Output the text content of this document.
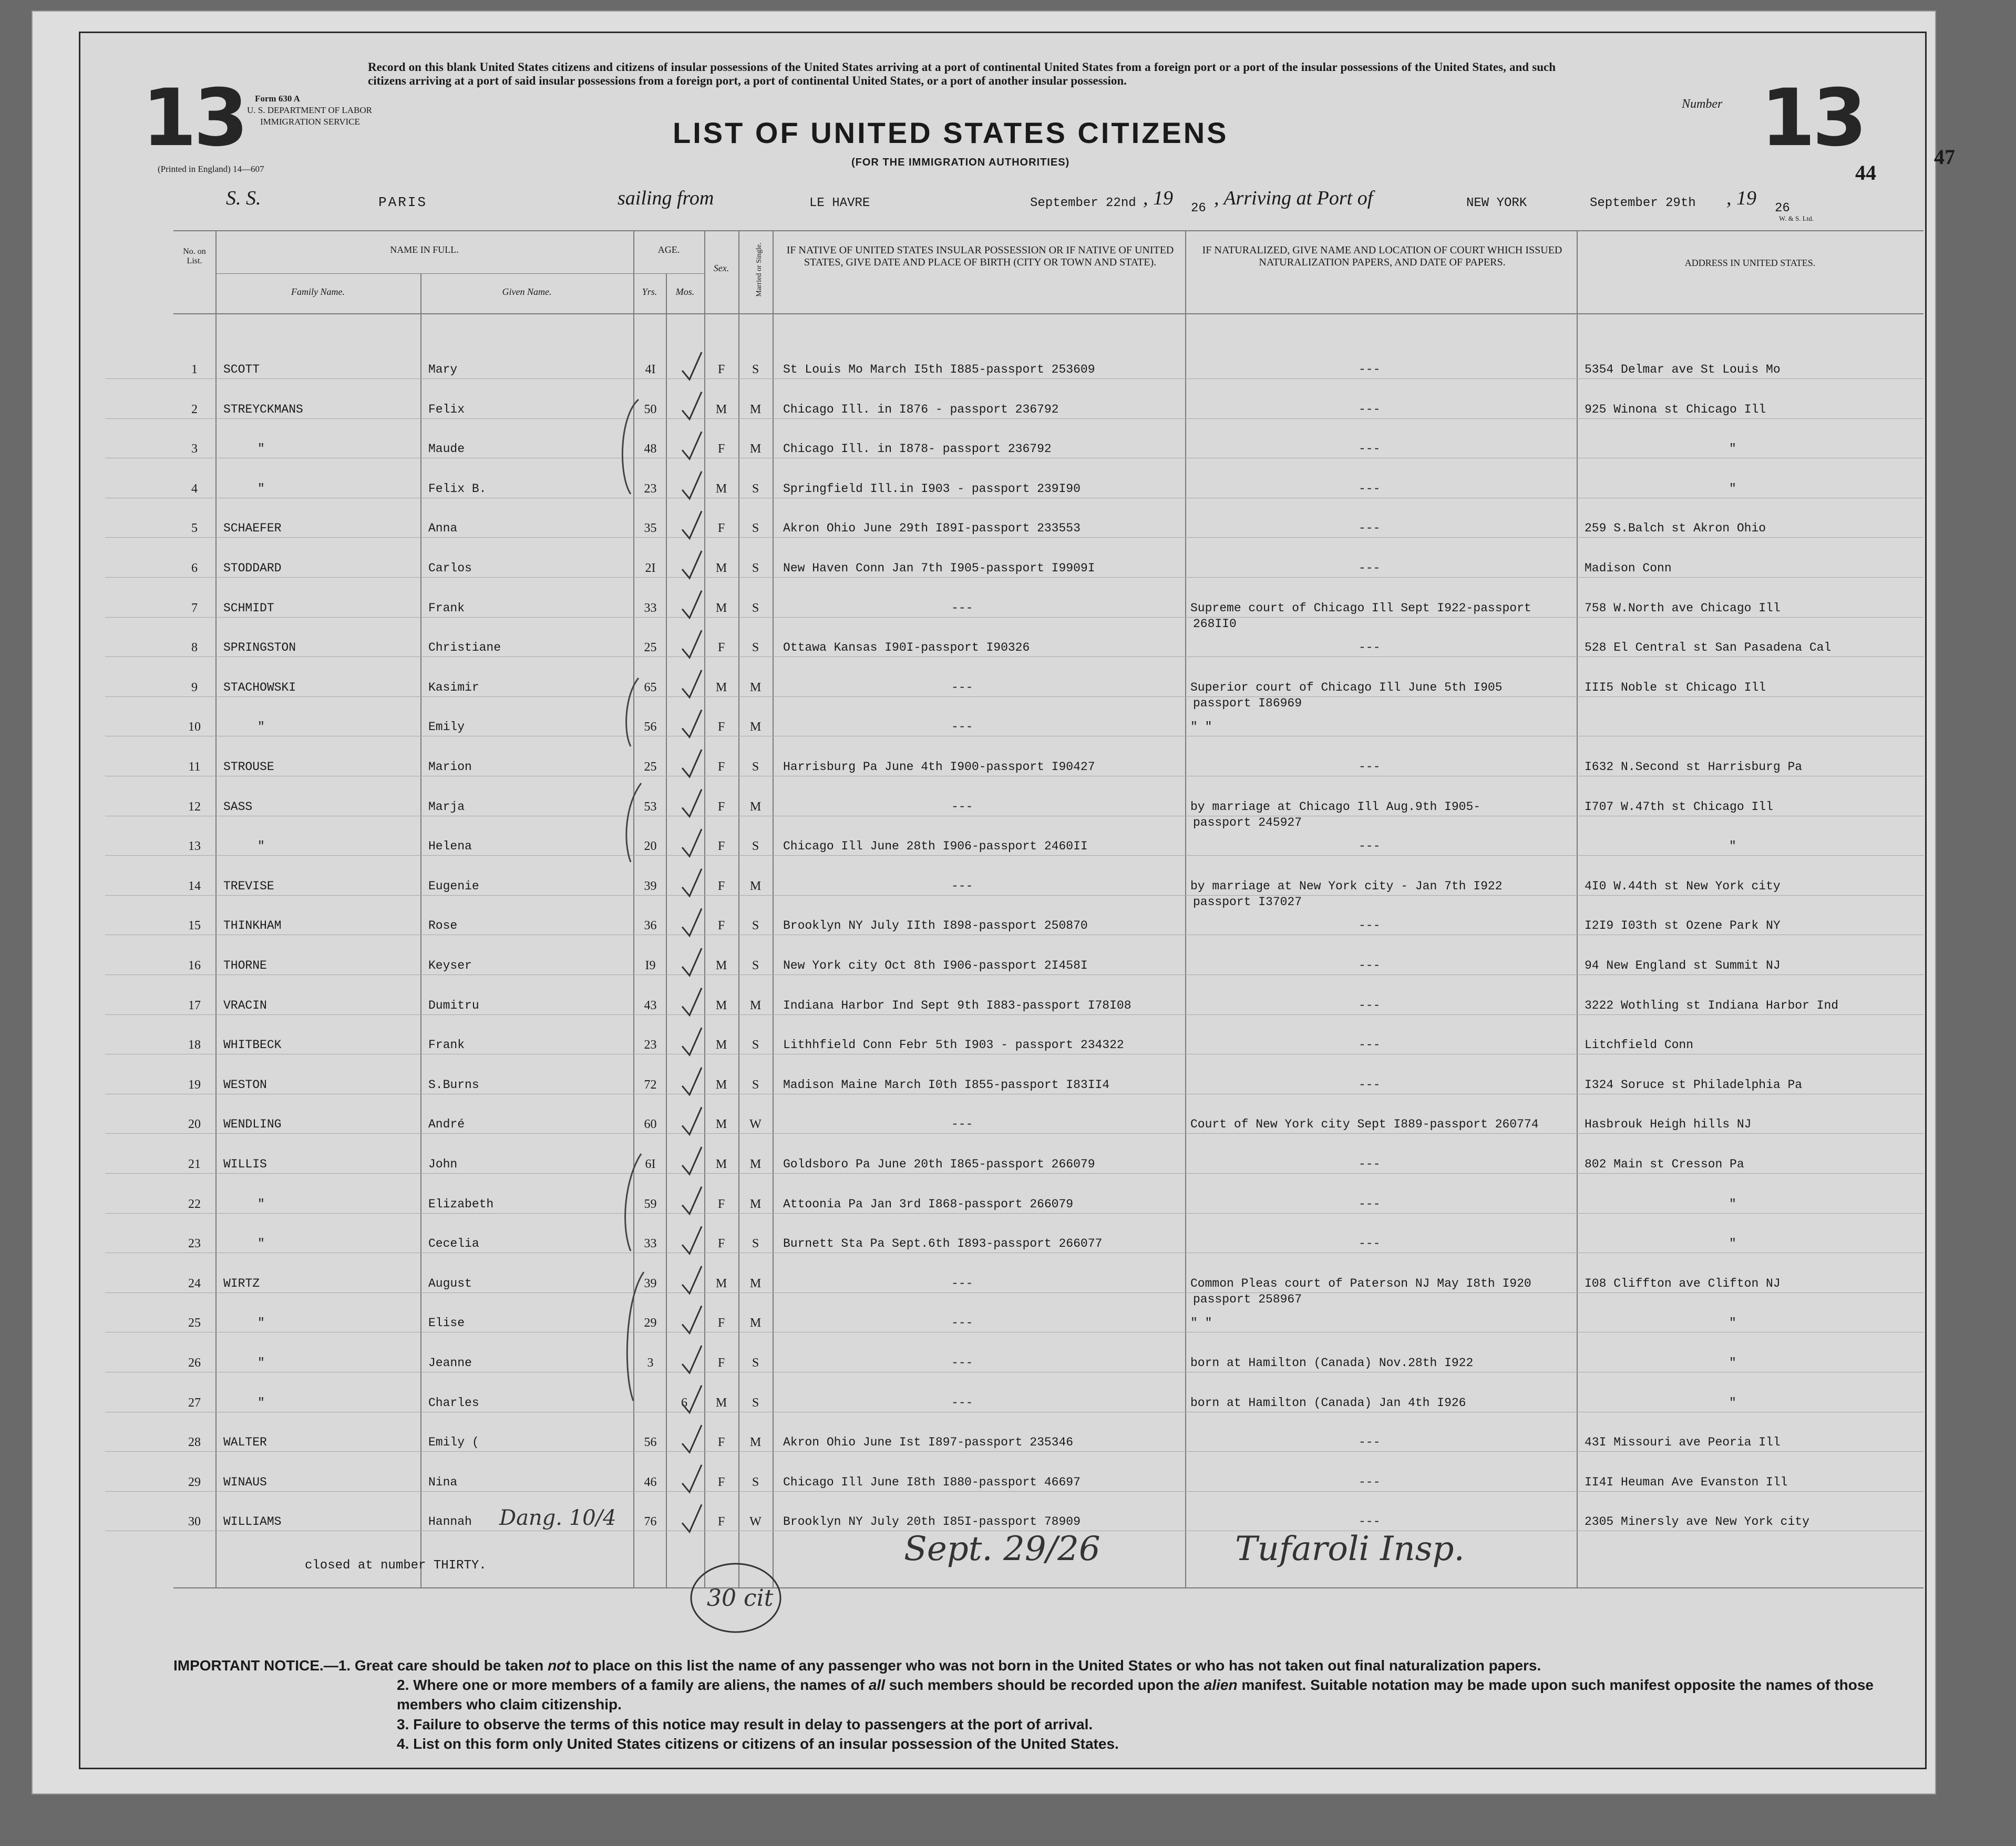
13	13
Form 630 A
U. S. DEPARTMENT OF LABOR
IMMIGRATION SERVICE
(Printed in England) 14—607
Record on this blank United States citizens and citizens of insular possessions of the United States arriving at a port of continental United States from a foreign port or a port of the insular possessions of the United States, and such citizens arriving at a port of said insular possessions from a foreign port, a port of continental United States, or a port of another insular possession.
LIST OF UNITED STATES CITIZENS
(FOR THE IMMIGRATION AUTHORITIES)
Number
44
47
S. S.	PARIS	sailing from	LE HAVRE	September 22nd , 19 26 , Arriving at Port of	NEW YORK	September 29th , 19 26
W. & S. Ltd.
No. on List.
NAME IN FULL.
Family Name.	Given Name.
AGE.
Yrs.	Mos.
Sex.	Married or Single.	IF NATIVE OF UNITED STATES INSULAR POSSESSION OR IF NATIVE OF UNITED STATES, GIVE DATE AND PLACE OF BIRTH (CITY OR TOWN AND STATE).
IF NATURALIZED, GIVE NAME AND LOCATION OF COURT WHICH ISSUED NATURALIZATION PAPERS, AND DATE OF PAPERS.	ADDRESS IN UNITED STATES.
1	SCOTT	Mary	4I	F	S	St Louis Mo March I5th I885-passport 253609	---	5354 Delmar ave St Louis Mo
2	STREYCKMANS	Felix	50	M	M	Chicago Ill. in I876 - passport 236792	---	925 Winona st Chicago Ill
3	"	Maude	48	F	M	Chicago Ill. in I878- passport 236792	---	"
4	"	Felix B.	23	M	S	Springfield Ill.in I903 - passport 239I90	---	"
5	SCHAEFER	Anna	35	F	S	Akron Ohio June 29th I89I-passport 233553	---	259 S.Balch st Akron Ohio
6	STODDARD	Carlos	2I	M	S	New Haven Conn Jan 7th I905-passport I9909I	---	Madison Conn
7	SCHMIDT	Frank	33	M	S	---	Supreme court of Chicago Ill Sept I922-passport	758 W.North ave Chicago Ill
268II0
8	SPRINGSTON	Christiane	25	F	S	Ottawa Kansas I90I-passport I90326	---	528 El Central st San Pasadena Cal
9	STACHOWSKI	Kasimir	65	M	M	---	Superior court of Chicago Ill June 5th I905	III5 Noble st Chicago Ill
passport I86969
10	"	Emily	56	F	M	---	" "
11	STROUSE	Marion	25	F	S	Harrisburg Pa June 4th I900-passport I90427	---	I632 N.Second st Harrisburg Pa
12	SASS	Marja	53	F	M	---	by marriage at Chicago Ill Aug.9th I905-	I707 W.47th st Chicago Ill
passport 245927
13	"	Helena	20	F	S	Chicago Ill June 28th I906-passport 2460II	---	"
14	TREVISE	Eugenie	39	F	M	---	by marriage at New York city - Jan 7th I922	4I0 W.44th st New York city
passport I37027
15	THINKHAM	Rose	36	F	S	Brooklyn NY July IIth I898-passport 250870	---	I2I9 I03th st Ozene Park NY
16	THORNE	Keyser	I9	M	S	New York city Oct 8th I906-passport 2I458I	---	94 New England st Summit NJ
17	VRACIN	Dumitru	43	M	M	Indiana Harbor Ind Sept 9th I883-passport I78I08	---	3222 Wothling st Indiana Harbor Ind
18	WHITBECK	Frank	23	M	S	Lithhfield Conn Febr 5th I903 - passport 234322	---	Litchfield Conn
19	WESTON	S.Burns	72	M	S	Madison Maine March I0th I855-passport I83II4	---	I324 Soruce st Philadelphia Pa
20	WENDLING	André	60	M	W	---	Court of New York city Sept I889-passport 260774	Hasbrouk Heigh hills NJ
21	WILLIS	John	6I	M	M	Goldsboro Pa June 20th I865-passport 266079	---	802 Main st Cresson Pa
22	"	Elizabeth	59	F	M	Attoonia Pa Jan 3rd I868-passport 266079	---	"
23	"	Cecelia	33	F	S	Burnett Sta Pa Sept.6th I893-passport 266077	---	"
24	WIRTZ	August	39	M	M	---	Common Pleas court of Paterson NJ May I8th I920	I08 Cliffton ave Clifton NJ
passport 258967
25	"	Elise	29	F	M	---	" "	"
26	"	Jeanne	3	F	S	---	born at Hamilton (Canada) Nov.28th I922	"
27	"	Charles	6	M	S	---	born at Hamilton (Canada) Jan 4th I926	"
28	WALTER	Emily (	56	F	M	Akron Ohio June Ist I897-passport 235346	---	43I Missouri ave Peoria Ill
29	WINAUS	Nina	46	F	S	Chicago Ill June I8th I880-passport 46697	---	II4I Heuman Ave Evanston Ill
30	WILLIAMS	Hannah	76	F	W	Brooklyn NY July 20th I85I-passport 78909	---	2305 Minersly ave New York city
closed at number THIRTY.	Sept. 29/26	Tufaroli Insp.
30 cit
Dang. 10/4
IMPORTANT NOTICE.—1. Great care should be taken not to place on this list the name of any passenger who was not born in the United States or who has not taken out final naturalization papers.
2. Where one or more members of a family are aliens, the names of all such members should be recorded upon the alien manifest. Suitable notation may be made upon such manifest opposite the names of those members who claim citizenship.
3. Failure to observe the terms of this notice may result in delay to passengers at the port of arrival.
4. List on this form only United States citizens or citizens of an insular possession of the United States.
